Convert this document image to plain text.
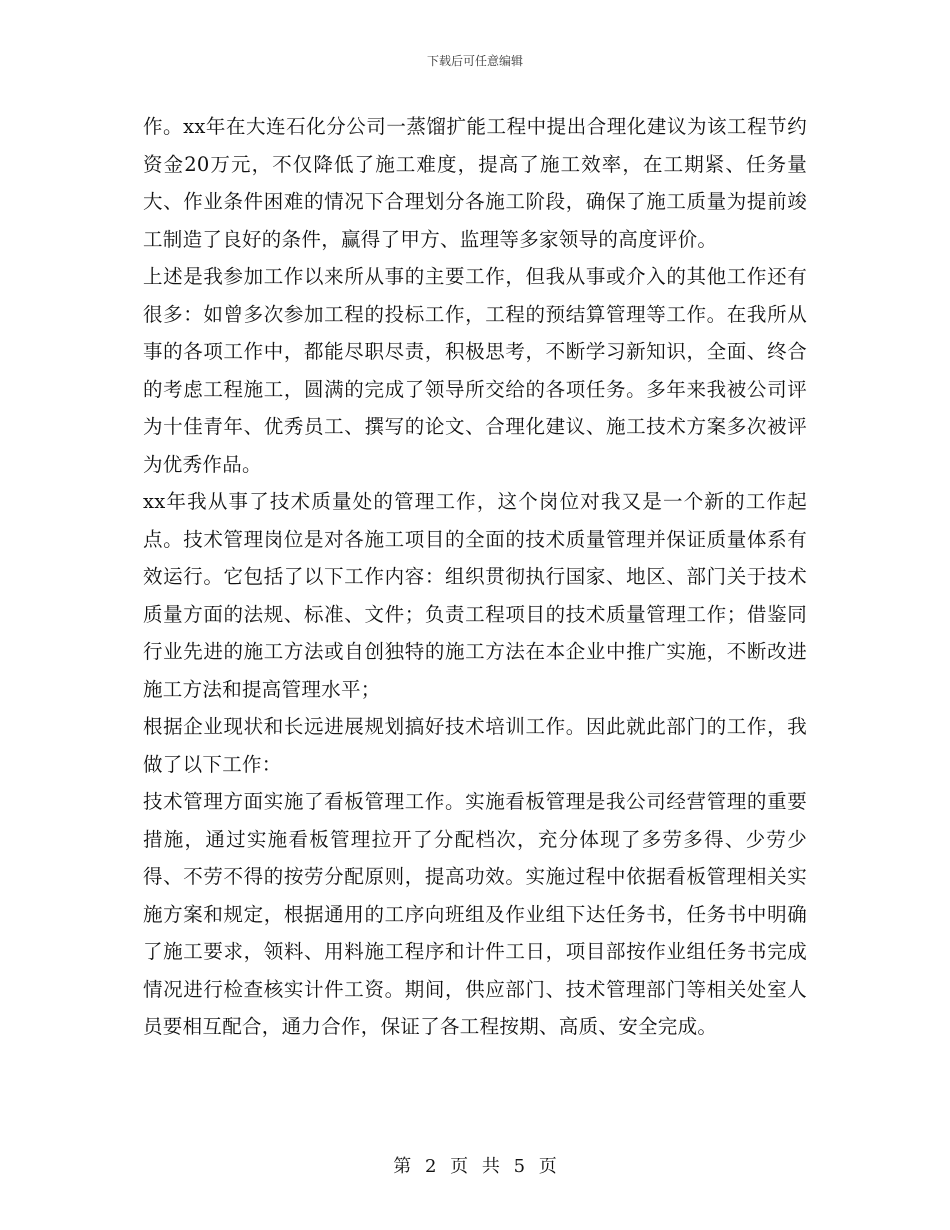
下载后可任意编辑

作。xx年在大连石化分公司一蒸馏扩能工程中提出合理化建议为该工程节约资金20万元，不仅降低了施工难度，提高了施工效率，在工期紧、任务量大、作业条件困难的情况下合理划分各施工阶段，确保了施工质量为提前竣工制造了良好的条件，赢得了甲方、监理等多家领导的高度评价。

上述是我参加工作以来所从事的主要工作，但我从事或介入的其他工作还有很多：如曾多次参加工程的投标工作，工程的预结算管理等工作。在我所从事的各项工作中，都能尽职尽责，积极思考，不断学习新知识，全面、终合的考虑工程施工，圆满的完成了领导所交给的各项任务。多年来我被公司评为十佳青年、优秀员工、撰写的论文、合理化建议、施工技术方案多次被评为优秀作品。

xx年我从事了技术质量处的管理工作，这个岗位对我又是一个新的工作起点。技术管理岗位是对各施工项目的全面的技术质量管理并保证质量体系有效运行。它包括了以下工作内容：组织贯彻执行国家、地区、部门关于技术质量方面的法规、标准、文件；负责工程项目的技术质量管理工作；借鉴同行业先进的施工方法或自创独特的施工方法在本企业中推广实施，不断改进施工方法和提高管理水平；

根据企业现状和长远进展规划搞好技术培训工作。因此就此部门的工作，我做了以下工作：

技术管理方面实施了看板管理工作。实施看板管理是我公司经营管理的重要措施，通过实施看板管理拉开了分配档次，充分体现了多劳多得、少劳少得、不劳不得的按劳分配原则，提高功效。实施过程中依据看板管理相关实施方案和规定，根据通用的工序向班组及作业组下达任务书，任务书中明确了施工要求，领料、用料施工程序和计件工日，项目部按作业组任务书完成情况进行检查核实计件工资。期间，供应部门、技术管理部门等相关处室人员要相互配合，通力合作，保证了各工程按期、高质、安全完成。

第 2 页 共 5 页
